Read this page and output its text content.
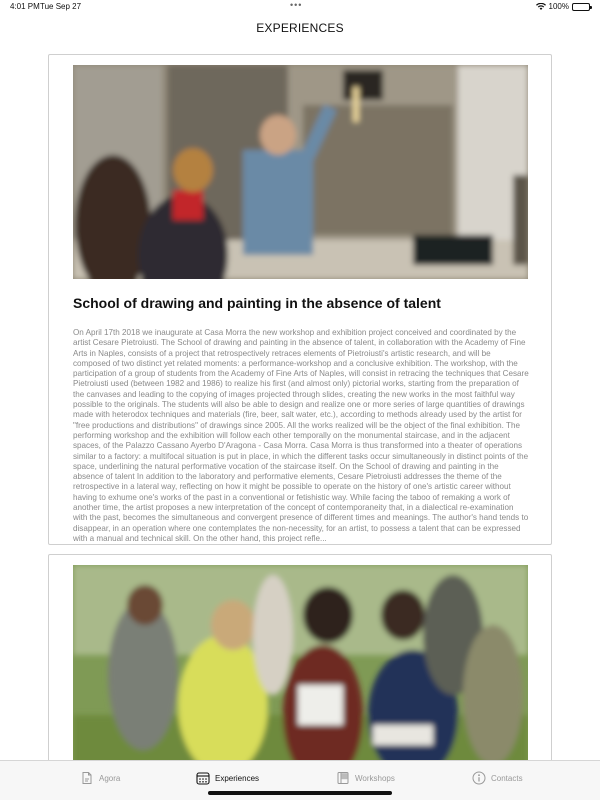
4:01 PM Tue Sep 27	•••	100%
EXPERIENCES
School of drawing and painting in the absence of talent
On April 17th 2018 we inaugurate at Casa Morra the new workshop and exhibition project conceived and coordinated by the artist Cesare Pietroiusti. The School of drawing and painting in the absence of talent, in collaboration with the Academy of Fine Arts in Naples, consists of a project that retrospectively retraces elements of Pietroiusti's artistic research, and will be composed of two distinct yet related moments: a performance-workshop and a conclusive exhibition. The workshop, with the participation of a group of students from the Academy of Fine Arts of Naples, will consist in retracing the techniques that Cesare Pietroiusti used (between 1982 and 1986) to realize his first (and almost only) pictorial works, starting from the preparation of the canvases and leading to the copying of images projected through slides, creating the new works in the most faithful way possible to the originals. The students will also be able to design and realize one or more series of large quantities of drawings made with heterodox techniques and materials (fire, beer, salt water, etc.), according to methods already used by the artist for "free productions and distributions" of drawings since 2005. All the works realized will be the object of the final exhibition. The performing workshop and the exhibition will follow each other temporally on the monumental staircase, and in the adjacent spaces, of the Palazzo Cassano Ayerbo D'Aragona - Casa Morra. Casa Morra is thus transformed into a theater of operations similar to a factory: a multifocal situation is put in place, in which the different tasks occur simultaneously in distinct points of the space, underlining the natural performative vocation of the staircase itself. On the School of drawing and painting in the absence of talent In addition to the laboratory and performative elements, Cesare Pietroiusti addresses the theme of the retrospective in a lateral way, reflecting on how it might be possible to operate on the history of one's artistic career without having to exhume one's works of the past in a conventional or fetishistic way. While facing the taboo of remaking a work of another time, the artist proposes a new interpretation of the concept of contemporaneity that, in a dialectical re-examination with the past, becomes the simultaneous and convergent presence of different times and meanings. The author's hand tends to disappear, in an operation where one contemplates the non-necessity, for an artist, to possess a talent that can be expressed with a manual and technical skill. On the other hand, this project refle...
Agora	Experiences	Workshops	Contacts
